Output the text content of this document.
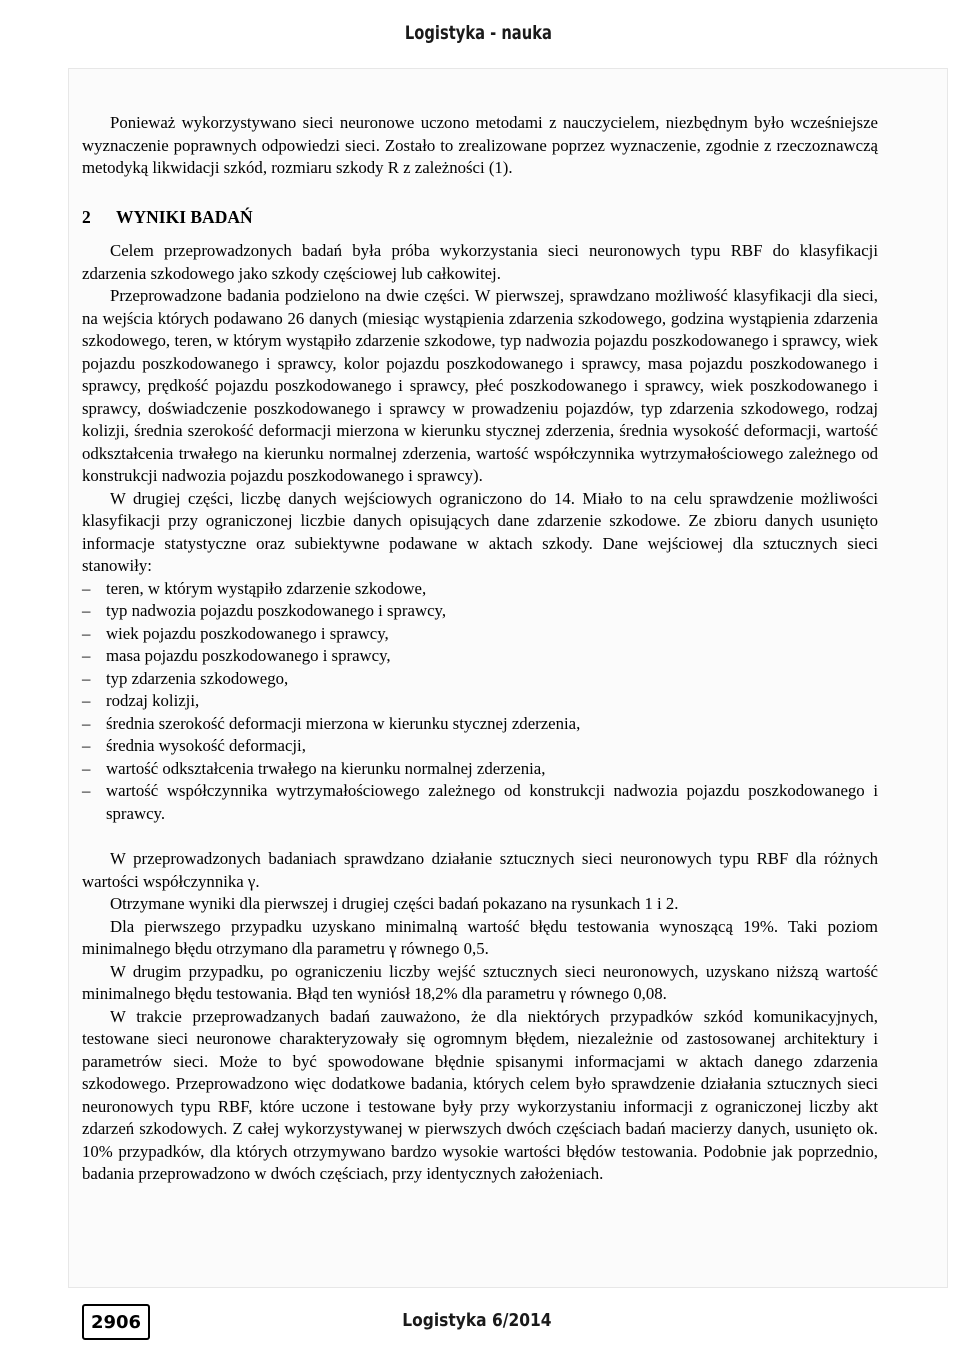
Logistyka - nauka

Ponieważ wykorzystywano sieci neuronowe uczono metodami z nauczycielem, niezbędnym było wcześniejsze wyznaczenie poprawnych odpowiedzi sieci. Zostało to zrealizowane poprzez wyznaczenie, zgodnie z rzeczoznawczą metodyką likwidacji szkód, rozmiaru szkody R z zależności (1).

2 WYNIKI BADAŃ

Celem przeprowadzonych badań była próba wykorzystania sieci neuronowych typu RBF do klasyfikacji zdarzenia szkodowego jako szkody częściowej lub całkowitej.

Przeprowadzone badania podzielono na dwie części. W pierwszej, sprawdzano możliwość klasyfikacji dla sieci, na wejścia których podawano 26 danych (miesiąc wystąpienia zdarzenia szkodowego, godzina wystąpienia zdarzenia szkodowego, teren, w którym wystąpiło zdarzenie szkodowe, typ nadwozia pojazdu poszkodowanego i sprawcy, wiek pojazdu poszkodowanego i sprawcy, kolor pojazdu poszkodowanego i sprawcy, masa pojazdu poszkodowanego i sprawcy, prędkość pojazdu poszkodowanego i sprawcy, płeć poszkodowanego i sprawcy, wiek poszkodowanego i sprawcy, doświadczenie poszkodowanego i sprawcy w prowadzeniu pojazdów, typ zdarzenia szkodowego, rodzaj kolizji, średnia szerokość deformacji mierzona w kierunku stycznej zderzenia, średnia wysokość deformacji, wartość odkształcenia trwałego na kierunku normalnej zderzenia, wartość współczynnika wytrzymałościowego zależnego od konstrukcji nadwozia pojazdu poszkodowanego i sprawcy).

W drugiej części, liczbę danych wejściowych ograniczono do 14. Miało to na celu sprawdzenie możliwości klasyfikacji przy ograniczonej liczbie danych opisujących dane zdarzenie szkodowe. Ze zbioru danych usunięto informacje statystyczne oraz subiektywne podawane w aktach szkody. Dane wejściowej dla sztucznych sieci stanowiły:

– teren, w którym wystąpiło zdarzenie szkodowe,
– typ nadwozia pojazdu poszkodowanego i sprawcy,
– wiek pojazdu poszkodowanego i sprawcy,
– masa pojazdu poszkodowanego i sprawcy,
– typ zdarzenia szkodowego,
– rodzaj kolizji,
– średnia szerokość deformacji mierzona w kierunku stycznej zderzenia,
– średnia wysokość deformacji,
– wartość odkształcenia trwałego na kierunku normalnej zderzenia,
– wartość współczynnika wytrzymałościowego zależnego od konstrukcji nadwozia pojazdu poszkodowanego i sprawcy.

W przeprowadzonych badaniach sprawdzano działanie sztucznych sieci neuronowych typu RBF dla różnych wartości współczynnika γ.

Otrzymane wyniki dla pierwszej i drugiej części badań pokazano na rysunkach 1 i 2.

Dla pierwszego przypadku uzyskano minimalną wartość błędu testowania wynoszącą 19%. Taki poziom minimalnego błędu otrzymano dla parametru γ równego 0,5.

W drugim przypadku, po ograniczeniu liczby wejść sztucznych sieci neuronowych, uzyskano niższą wartość minimalnego błędu testowania. Błąd ten wyniósł 18,2% dla parametru γ równego 0,08.

W trakcie przeprowadzanych badań zauważono, że dla niektórych przypadków szkód komunikacyjnych, testowane sieci neuronowe charakteryzowały się ogromnym błędem, niezależnie od zastosowanej architektury i parametrów sieci. Może to być spowodowane błędnie spisanymi informacjami w aktach danego zdarzenia szkodowego. Przeprowadzono więc dodatkowe badania, których celem było sprawdzenie działania sztucznych sieci neuronowych typu RBF, które uczone i testowane były przy wykorzystaniu informacji z ograniczonej liczby akt zdarzeń szkodowych. Z całej wykorzystywanej w pierwszych dwóch częściach badań macierzy danych, usunięto ok. 10% przypadków, dla których otrzymywano bardzo wysokie wartości błędów testowania. Podobnie jak poprzednio, badania przeprowadzono w dwóch częściach, przy identycznych założeniach.

2906	Logistyka 6/2014
